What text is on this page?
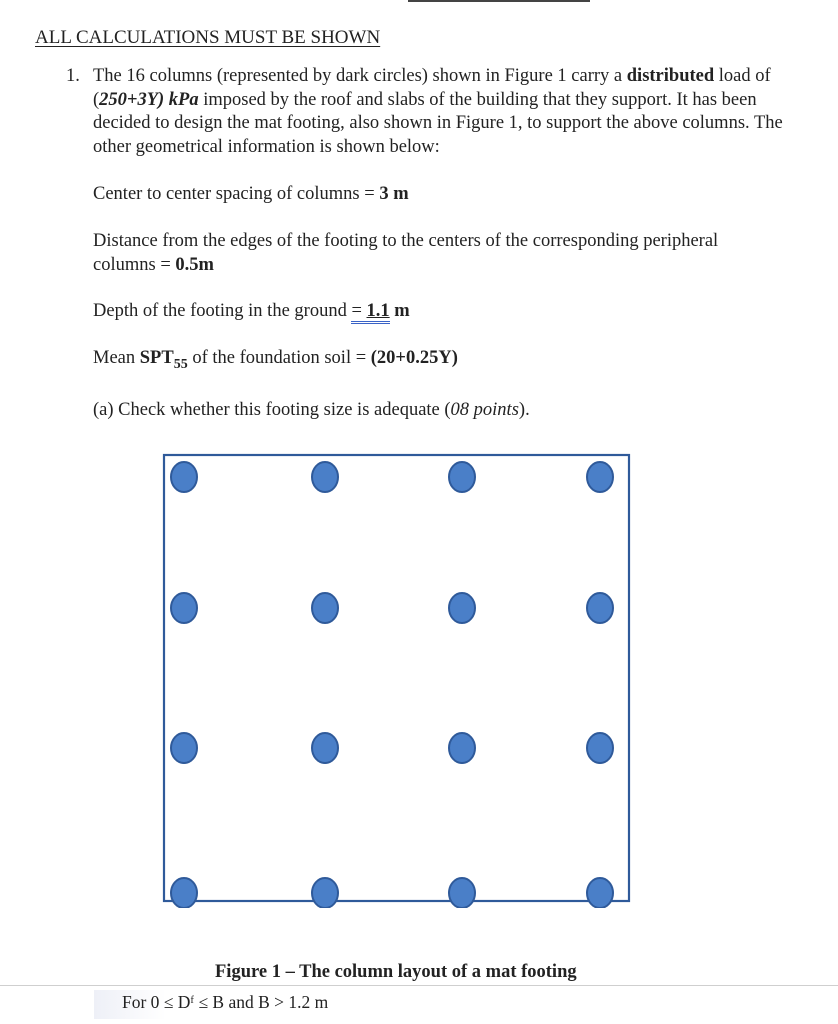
ALL CALCULATIONS MUST BE SHOWN
1. The 16 columns (represented by dark circles) shown in Figure 1 carry a distributed load of (250+3Y) kPa imposed by the roof and slabs of the building that they support. It has been decided to design the mat footing, also shown in Figure 1, to support the above columns. The other geometrical information is shown below:

Center to center spacing of columns = 3 m
Distance from the edges of the footing to the centers of the corresponding peripheral columns = 0.5m
Depth of the footing in the ground = 1.1 m
Mean $SPT_{55}$ of the foundation soil = (20+0.25Y)
(a) Check whether this footing size is adequate (08 points).
Figure 1 – The column layout of a mat footing
For 0 ≤ Dᶠ ≤ B and B > 1.2 m
